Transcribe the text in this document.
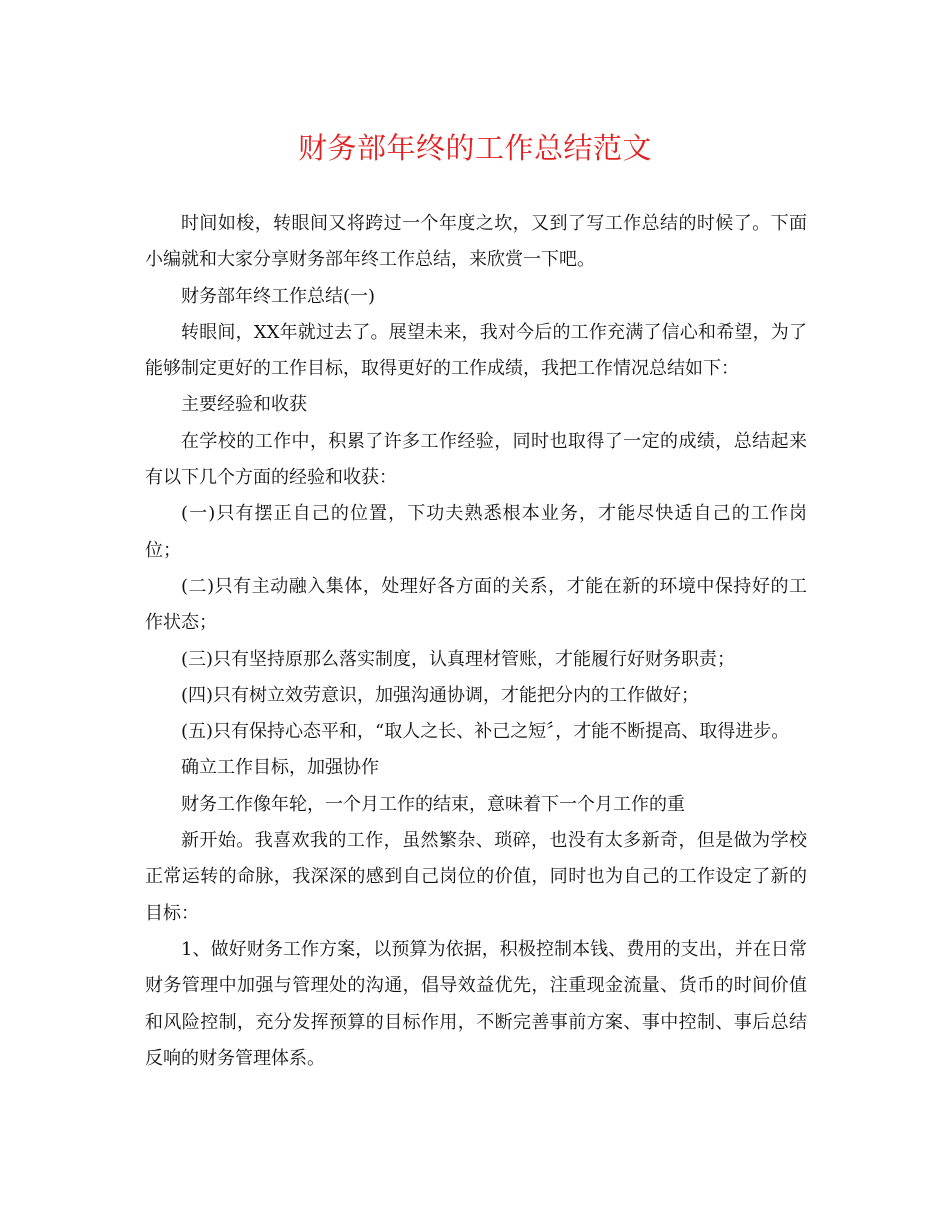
财务部年终的工作总结范文

时间如梭，转眼间又将跨过一个年度之坎，又到了写工作总结的时候了。下面小编就和大家分享财务部年终工作总结，来欣赏一下吧。

财务部年终工作总结(一)

转眼间，XX年就过去了。展望未来，我对今后的工作充满了信心和希望，为了能够制定更好的工作目标，取得更好的工作成绩，我把工作情况总结如下：

主要经验和收获

在学校的工作中，积累了许多工作经验，同时也取得了一定的成绩，总结起来有以下几个方面的经验和收获：

(一)只有摆正自己的位置，下功夫熟悉根本业务，才能尽快适自己的工作岗位；

(二)只有主动融入集体，处理好各方面的关系，才能在新的环境中保持好的工作状态；

(三)只有坚持原那么落实制度，认真理材管账，才能履行好财务职责；

(四)只有树立效劳意识，加强沟通协调，才能把分内的工作做好；

(五)只有保持心态平和，“取人之长、补己之短〞，才能不断提高、取得进步。

确立工作目标，加强协作

财务工作像年轮，一个月工作的结束，意味着下一个月工作的重

新开始。我喜欢我的工作，虽然繁杂、琐碎，也没有太多新奇，但是做为学校正常运转的命脉，我深深的感到自己岗位的价值，同时也为自己的工作设定了新的目标：

1、做好财务工作方案，以预算为依据，积极控制本钱、费用的支出，并在日常财务管理中加强与管理处的沟通，倡导效益优先，注重现金流量、货币的时间价值和风险控制，充分发挥预算的目标作用，不断完善事前方案、事中控制、事后总结反响的财务管理体系。
